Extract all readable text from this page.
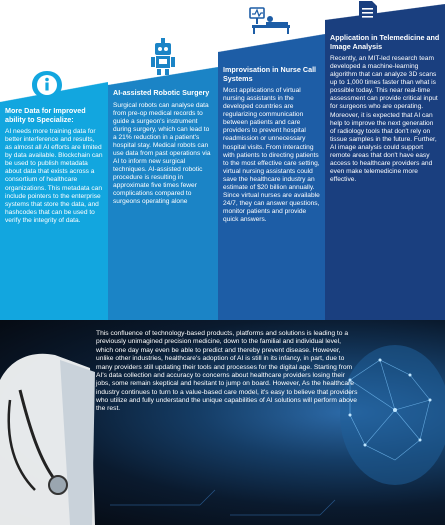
More Data for Improved ability to Specialize:
AI needs more training data for better interference and results, as almost all AI efforts are limited by data available. Blockchain can be used to publish metadata about data that exists across a consortium of healthcare organizations. This metadata can include pointers to the enterprise systems that store the data, and hashcodes that can be used to verify the integrity of data.
AI-assisted Robotic Surgery
Surgical robots can analyse data from pre-op medical records to guide a surgeon's instrument during surgery, which can lead to a 21% reduction in a patient's hospital stay. Medical robots can use data from past operations via AI to inform new surgical techniques. AI-assisted robotic procedure is resulting in approximate five times fewer complications compared to surgeons operating alone
Improvisation in Nurse Call Systems
Most applications of virtual nursing assistants in the developed countries are regularizing communication between patients and care providers to prevent hospital readmission or unnecessary hospital visits. From interacting with patients to directing patients to the most effective care setting, virtual nursing assistants could save the healthcare industry an estimate of $20 billion annually. Since virtual nurses are available 24/7, they can answer questions, monitor patients and provide quick answers.
Application in Telemedicine and Image Analysis
Recently, an MIT-led research team developed a machine-learning algorithm that can analyze 3D scans up to 1,000 times faster than what is possible today. This near real-time assessment can provide critical input for surgeons who are operating. Moreover, it is expected that AI can help to improve the next generation of radiology tools that don't rely on tissue samples in the future. Further, AI image analysis could support remote areas that don't have easy access to healthcare providers and even make telemedicine more effective.
This confluence of technology-based products, platforms and solutions is leading to a previously unimagined precision medicine, down to the familial and individual level, which one day may even be able to predict and thereby prevent disease. However, unlike other industries, healthcare's adoption of AI is still in its infancy, in part, due to many providers still updating their tools and processes for the digital age. Starting from AI's data collection and accuracy to concerns about healthcare providers losing their jobs, some remain skeptical and hesitant to jump on board. However, As the healthcare industry continues to turn to a value-based care model, it's easy to believe that providers who utilize and fully understand the unique capabilities of AI solutions will perform above the rest.
